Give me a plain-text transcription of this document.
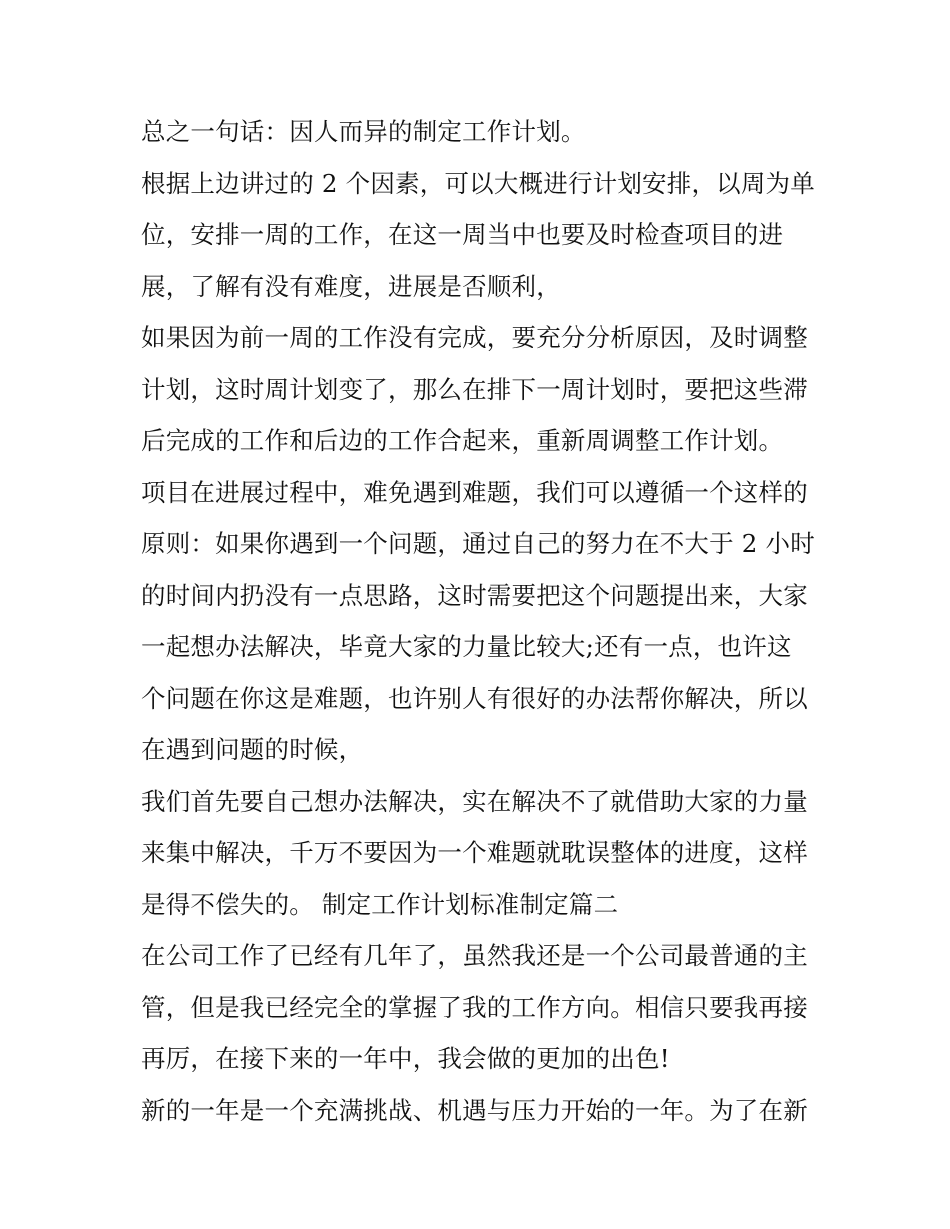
总之一句话：因人而异的制定工作计划。
根据上边讲过的 2 个因素，可以大概进行计划安排，以周为单
位，安排一周的工作，在这一周当中也要及时检查项目的进
展，了解有没有难度，进展是否顺利，
如果因为前一周的工作没有完成，要充分分析原因，及时调整
计划，这时周计划变了，那么在排下一周计划时，要把这些滞
后完成的工作和后边的工作合起来，重新周调整工作计划。
项目在进展过程中，难免遇到难题，我们可以遵循一个这样的
原则：如果你遇到一个问题，通过自己的努力在不大于 2 小时
的时间内扔没有一点思路，这时需要把这个问题提出来，大家
一起想办法解决，毕竟大家的力量比较大;还有一点，也许这
个问题在你这是难题，也许别人有很好的办法帮你解决，所以
在遇到问题的时候，
我们首先要自己想办法解决，实在解决不了就借助大家的力量
来集中解决，千万不要因为一个难题就耽误整体的进度，这样
是得不偿失的。 制定工作计划标准制定篇二
在公司工作了已经有几年了，虽然我还是一个公司最普通的主
管，但是我已经完全的掌握了我的工作方向。相信只要我再接
再厉，在接下来的一年中，我会做的更加的出色!
新的一年是一个充满挑战、机遇与压力开始的一年。为了在新
